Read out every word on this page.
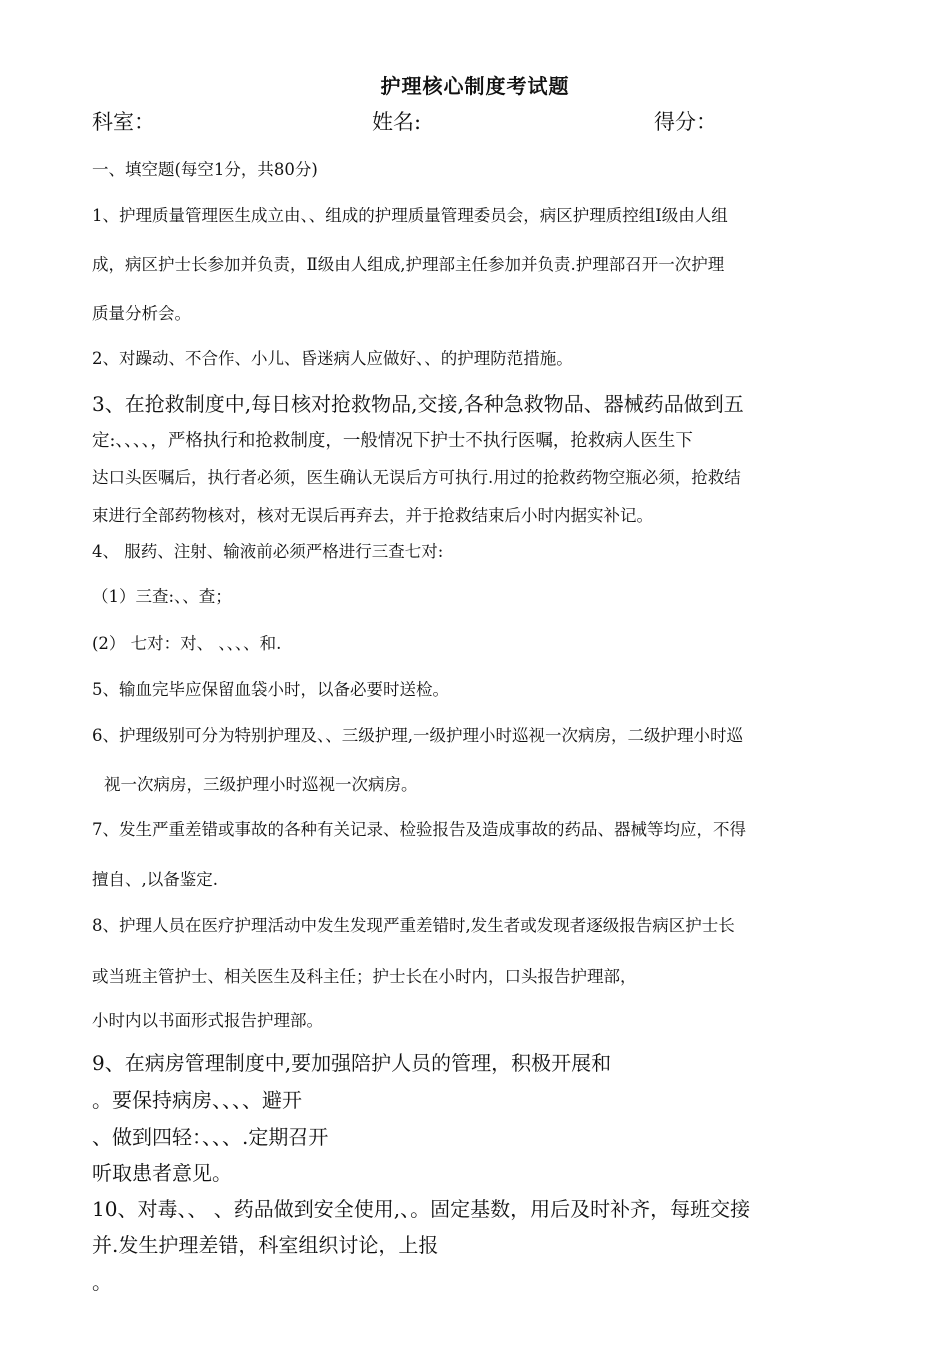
护理核心制度考试题
科室：	姓名:	得分：
一、填空题(每空1分，共80分)
1、护理质量管理医生成立由、、组成的护理质量管理委员会，病区护理质控组Ⅰ级由人组
成，病区护士长参加并负责，Ⅱ级由人组成,护理部主任参加并负责.护理部召开一次护理
质量分析会。
2、对躁动、不合作、小儿、昏迷病人应做好、、的护理防范措施。
3、在抢救制度中,每日核对抢救物品,交接,各种急救物品、器械药品做到五
定:、、、、，严格执行和抢救制度，一般情况下护士不执行医嘱，抢救病人医生下
达口头医嘱后，执行者必须，医生确认无误后方可执行.用过的抢救药物空瓶必须，抢救结
束进行全部药物核对，核对无误后再弃去，并于抢救结束后小时内据实补记。
4、 服药、注射、输液前必须严格进行三查七对:
（1）三查:、、查；
(2） 七对：对、 、、、、和.
5、输血完毕应保留血袋小时，以备必要时送检。
6、护理级别可分为特别护理及、、三级护理,一级护理小时巡视一次病房，二级护理小时巡
视一次病房，三级护理小时巡视一次病房。
7、发生严重差错或事故的各种有关记录、检验报告及造成事故的药品、器械等均应，不得
擅自、,以备鉴定.
8、护理人员在医疗护理活动中发生发现严重差错时,发生者或发现者逐级报告病区护士长
或当班主管护士、相关医生及科主任；护士长在小时内，口头报告护理部，
小时内以书面形式报告护理部。
9、在病房管理制度中,要加强陪护人员的管理，积极开展和
。要保持病房、、、、避开
、做到四轻：、、、.定期召开
听取患者意见。
10、对毒、、 、药品做到安全使用,、。固定基数，用后及时补齐，每班交接
并.发生护理差错，科室组织讨论，上报
。
